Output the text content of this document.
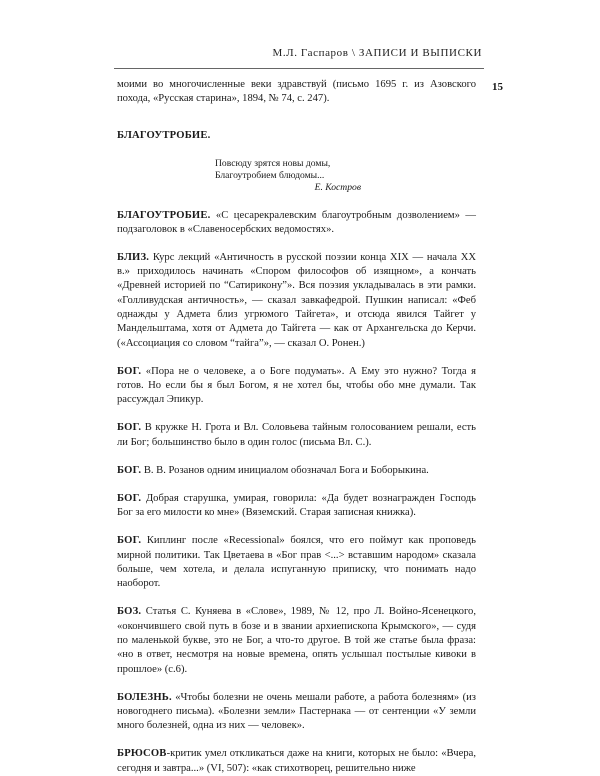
М.Л. Гаспаров \ ЗАПИСИ И ВЫПИСКИ
15

моими во многочисленные веки здравствуй (письмо 1695 г. из Азовского похода, «Русская старина», 1894, № 74, с. 247).

БЛАГОУТРОБИЕ.

Повсюду зрятся новы домы,
Благоутробием блюдомы...
Е. Костров

БЛАГОУТРОБИЕ. «С цесарекралевским благоутробным дозволением» — подзаголовок в «Славеносербских ведомостях».

БЛИЗ. Курс лекций «Античность в русской поэзии конца XIX — начала XX в.» приходилось начинать «Спором философов об изящном», а кончать «Древней историей по “Сатирикону”». Вся поэзия укладывалась в эти рамки. «Голливудская античность», — сказал завкафедрой. Пушкин написал: «Феб однажды у Адмета близ угрюмого Тайгета», и отсюда явился Тайгет у Мандельштама, хотя от Адмета до Тайгета — как от Архангельска до Керчи. («Ассоциация со словом “тайга”», — сказал О. Ронен.)

БОГ. «Пора не о человеке, а о Боге подумать». А Ему это нужно? Тогда я готов. Но если бы я был Богом, я не хотел бы, чтобы обо мне думали. Так рассуждал Эпикур.

БОГ. В кружке Н. Грота и Вл. Соловьева тайным голосованием решали, есть ли Бог; большинство было в один голос (письма Вл. С.).

БОГ. В. В. Розанов одним инициалом обозначал Бога и Боборыкина.

БОГ. Добрая старушка, умирая, говорила: «Да будет вознагражден Господь Бог за его милости ко мне» (Вяземский. Старая записная книжка).

БОГ. Киплинг после «Recessional» боялся, что его поймут как проповедь мирной политики. Так Цветаева в «Бог прав <...> вставшим народом» сказала больше, чем хотела, и делала испуганную приписку, что понимать надо наоборот.

БОЗ. Статья С. Куняева в «Слове», 1989, № 12, про Л. Войно-Ясенецкого, «окончившего свой путь в бозе и в звании архиепископа Крымского», — судя по маленькой букве, это не Бог, а что-то другое. В той же статье была фраза: «но в ответ, несмотря на новые времена, опять услышал постылые кивоки в прошлое» (с.6).

БОЛЕЗНЬ. «Чтобы болезни не очень мешали работе, а работа болезням» (из новогоднего письма). «Болезни земли» Пастернака — от сентенции «У земли много болезней, одна из них — человек».

БРЮСОВ-критик умел откликаться даже на книги, которых не было: «Вчера, сегодня и завтра...» (VI, 507): «как стихотворец, решительно ниже
